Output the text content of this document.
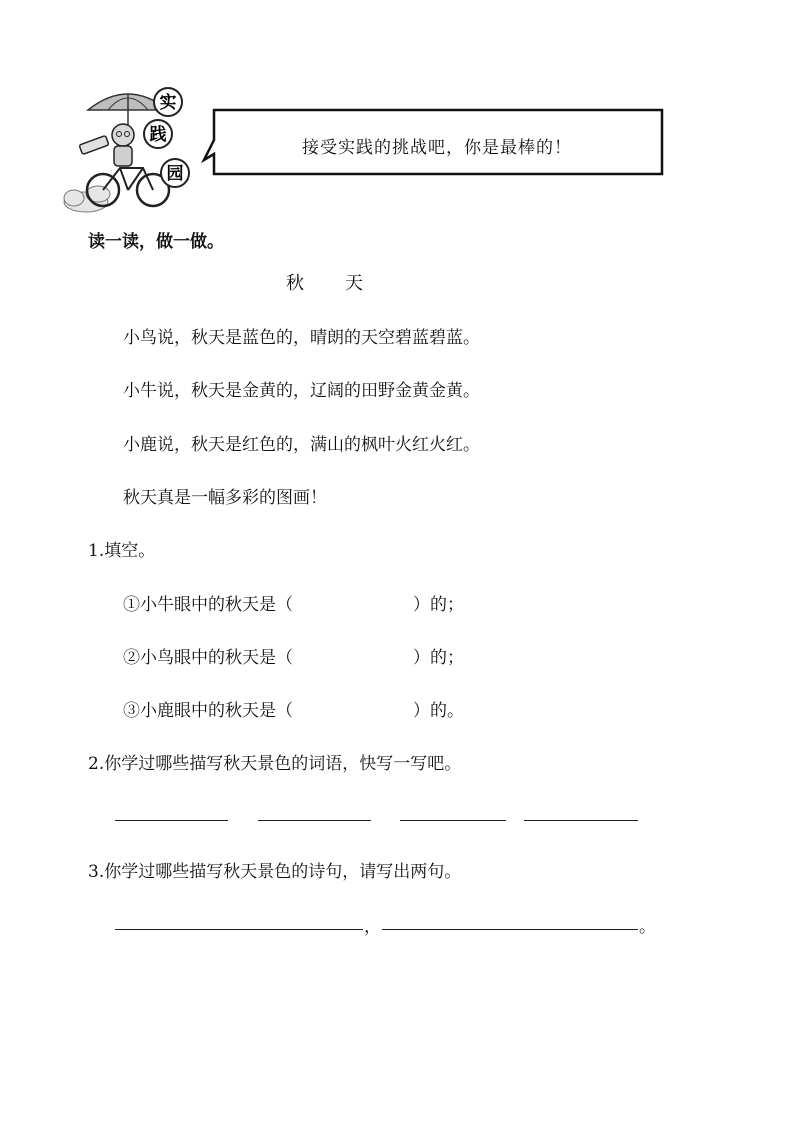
实
践
园
接受实践的挑战吧，你是最棒的！
读一读，做一做。
秋 天
小鸟说，秋天是蓝色的，晴朗的天空碧蓝碧蓝。
小牛说，秋天是金黄的，辽阔的田野金黄金黄。
小鹿说，秋天是红色的，满山的枫叶火红火红。
秋天真是一幅多彩的图画！
1.填空。
①小牛眼中的秋天是（	）的；
②小鸟眼中的秋天是（	）的；
③小鹿眼中的秋天是（	）的。
2.你学过哪些描写秋天景色的词语，快写一写吧。
3.你学过哪些描写秋天景色的诗句，请写出两句。
，	。
